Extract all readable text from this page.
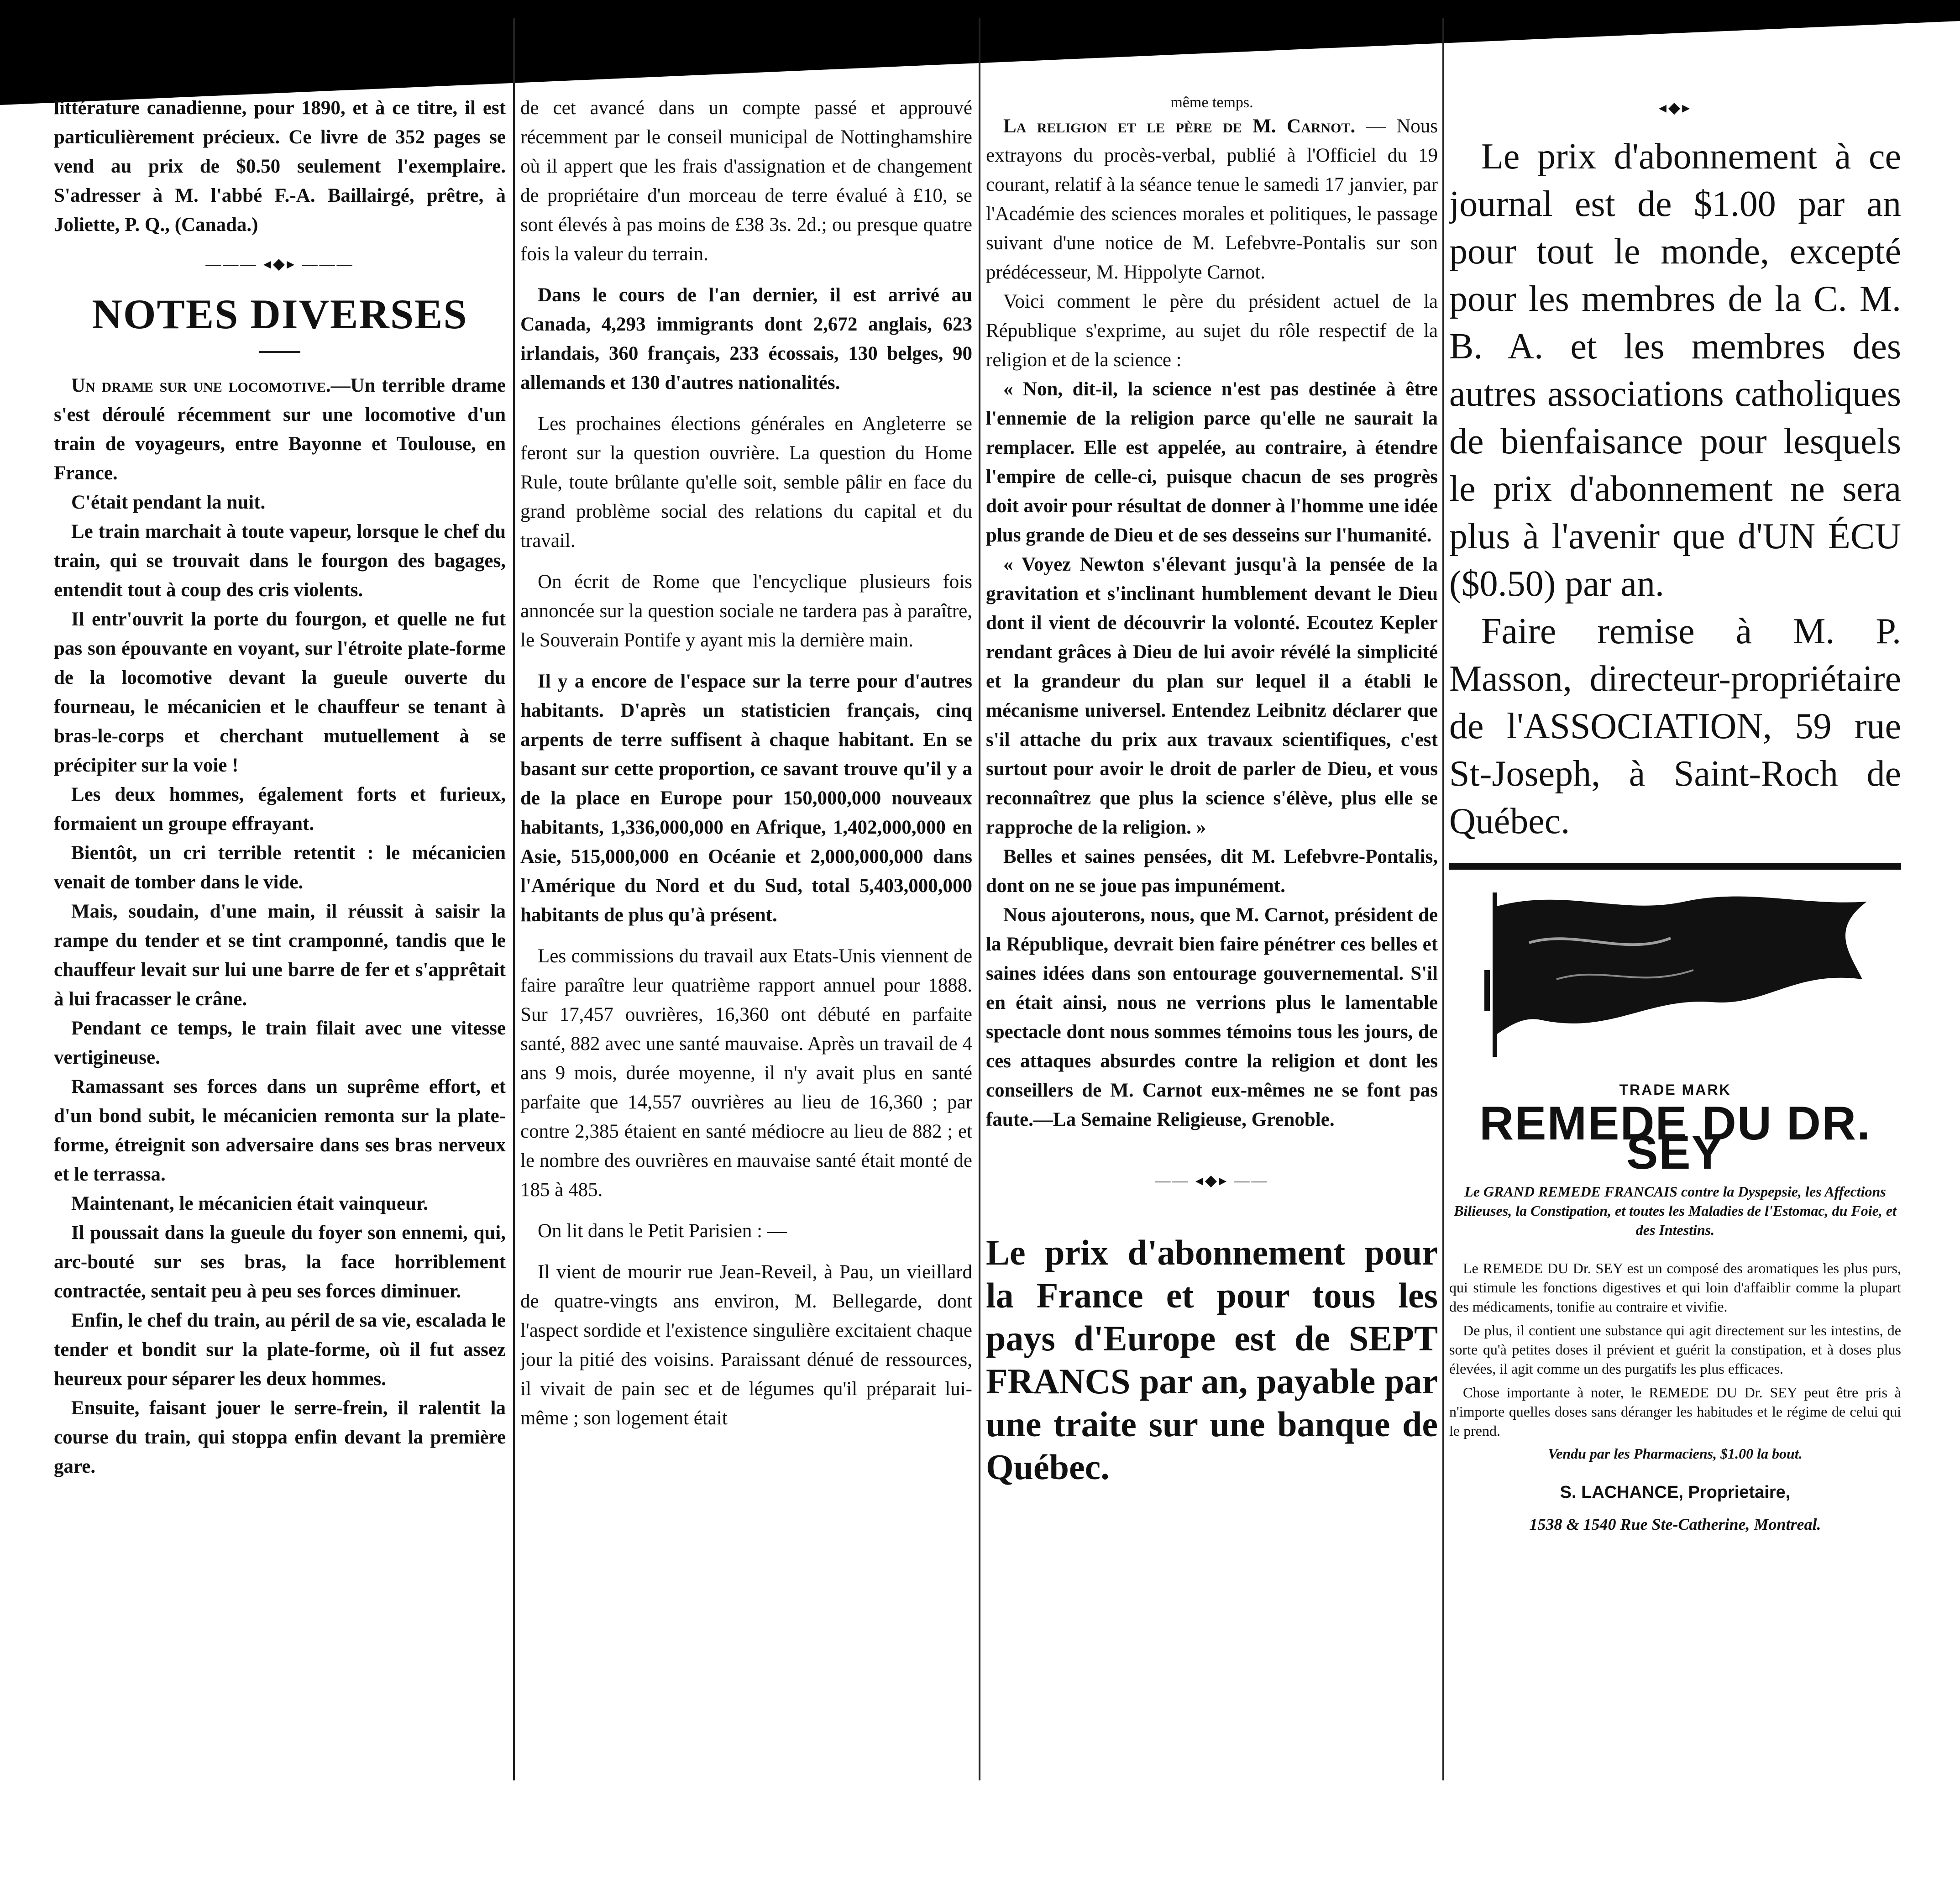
littérature canadienne, pour 1890, et à ce titre, il est particulièrement précieux. Ce livre de 352 pages se vend au prix de $0.50 seulement l'exemplaire. S'adresser à M. l'abbé F.-A. Baillairgé, prêtre, à Joliette, P. Q., (Canada.)

——— ◂◆▸ ———
NOTES DIVERSES

Un drame sur une locomotive.—Un terrible drame s'est déroulé récemment sur une locomotive d'un train de voyageurs, entre Bayonne et Toulouse, en France.

C'était pendant la nuit.

Le train marchait à toute vapeur, lorsque le chef du train, qui se trouvait dans le fourgon des bagages, entendit tout à coup des cris violents.

Il entr'ouvrit la porte du fourgon, et quelle ne fut pas son épouvante en voyant, sur l'étroite plate-forme de la locomotive devant la gueule ouverte du fourneau, le mécanicien et le chauffeur se tenant à bras-le-corps et cherchant mutuellement à se précipiter sur la voie !

Les deux hommes, également forts et furieux, formaient un groupe effrayant.

Bientôt, un cri terrible retentit : le mécanicien venait de tomber dans le vide.

Mais, soudain, d'une main, il réussit à saisir la rampe du tender et se tint cramponné, tandis que le chauffeur levait sur lui une barre de fer et s'apprêtait à lui fracasser le crâne.

Pendant ce temps, le train filait avec une vitesse vertigineuse.

Ramassant ses forces dans un suprême effort, et d'un bond subit, le mécanicien remonta sur la plate-forme, étreignit son adversaire dans ses bras nerveux et le terrassa.

Maintenant, le mécanicien était vainqueur.

Il poussait dans la gueule du foyer son ennemi, qui, arc-bouté sur ses bras, la face horriblement contractée, sentait peu à peu ses forces diminuer.

Enfin, le chef du train, au péril de sa vie, escalada le tender et bondit sur la plate-forme, où il fut assez heureux pour séparer les deux hommes.

Ensuite, faisant jouer le serre-frein, il ralentit la course du train, qui stoppa enfin devant la première gare.

de cet avancé dans un compte passé et approuvé récemment par le conseil municipal de Nottinghamshire où il appert que les frais d'assignation et de changement de propriétaire d'un morceau de terre évalué à £10, se sont élevés à pas moins de £38 3s. 2d.; ou presque quatre fois la valeur du terrain.

Dans le cours de l'an dernier, il est arrivé au Canada, 4,293 immigrants dont 2,672 anglais, 623 irlandais, 360 français, 233 écossais, 130 belges, 90 allemands et 130 d'autres nationalités.

Les prochaines élections générales en Angleterre se feront sur la question ouvrière. La question du Home Rule, toute brûlante qu'elle soit, semble pâlir en face du grand problème social des relations du capital et du travail.

On écrit de Rome que l'encyclique plusieurs fois annoncée sur la question sociale ne tardera pas à paraître, le Souverain Pontife y ayant mis la dernière main.

Il y a encore de l'espace sur la terre pour d'autres habitants. D'après un statisticien français, cinq arpents de terre suffisent à chaque habitant. En se basant sur cette proportion, ce savant trouve qu'il y a de la place en Europe pour 150,000,000 nouveaux habitants, 1,336,000,000 en Afrique, 1,402,000,000 en Asie, 515,000,000 en Océanie et 2,000,000,000 dans l'Amérique du Nord et du Sud, total 5,403,000,000 habitants de plus qu'à présent.

Les commissions du travail aux Etats-Unis viennent de faire paraître leur quatrième rapport annuel pour 1888. Sur 17,457 ouvrières, 16,360 ont débuté en parfaite santé, 882 avec une santé mauvaise. Après un travail de 4 ans 9 mois, durée moyenne, il n'y avait plus en santé parfaite que 14,557 ouvrières au lieu de 16,360 ; par contre 2,385 étaient en santé médiocre au lieu de 882 ; et le nombre des ouvrières en mauvaise santé était monté de 185 à 485.

On lit dans le Petit Parisien : —

Il vient de mourir rue Jean-Reveil, à Pau, un vieillard de quatre-vingts ans environ, M. Bellegarde, dont l'aspect sordide et l'existence singulière excitaient chaque jour la pitié des voisins. Paraissant dénué de ressources, il vivait de pain sec et de légumes qu'il préparait lui-même ; son logement était

même temps.

La religion et le père de M. Carnot. — Nous extrayons du procès-verbal, publié à l'Officiel du 19 courant, relatif à la séance tenue le samedi 17 janvier, par l'Académie des sciences morales et politiques, le passage suivant d'une notice de M. Lefebvre-Pontalis sur son prédécesseur, M. Hippolyte Carnot.

Voici comment le père du président actuel de la République s'exprime, au sujet du rôle respectif de la religion et de la science :

« Non, dit-il, la science n'est pas destinée à être l'ennemie de la religion parce qu'elle ne saurait la remplacer. Elle est appelée, au contraire, à étendre l'empire de celle-ci, puisque chacun de ses progrès doit avoir pour résultat de donner à l'homme une idée plus grande de Dieu et de ses desseins sur l'humanité.

« Voyez Newton s'élevant jusqu'à la pensée de la gravitation et s'inclinant humblement devant le Dieu dont il vient de découvrir la volonté. Ecoutez Kepler rendant grâces à Dieu de lui avoir révélé la simplicité et la grandeur du plan sur lequel il a établi le mécanisme universel. Entendez Leibnitz déclarer que s'il attache du prix aux travaux scientifiques, c'est surtout pour avoir le droit de parler de Dieu, et vous reconnaîtrez que plus la science s'élève, plus elle se rapproche de la religion. »

Belles et saines pensées, dit M. Lefebvre-Pontalis, dont on ne se joue pas impunément.

Nous ajouterons, nous, que M. Carnot, président de la République, devrait bien faire pénétrer ces belles et saines idées dans son entourage gouvernemental. S'il en était ainsi, nous ne verrions plus le lamentable spectacle dont nous sommes témoins tous les jours, de ces attaques absurdes contre la religion et dont les conseillers de M. Carnot eux-mêmes ne se font pas faute.—La Semaine Religieuse, Grenoble.

—— ◂◆▸ ——

Le prix d'abonnement pour la France et pour tous les pays d'Europe est de SEPT FRANCS par an, payable par une traite sur une banque de Québec.

◂◆▸

Le prix d'abonnement à ce journal est de $1.00 par an pour tout le monde, excepté pour les membres de la C. M. B. A. et les membres des autres associations catholiques de bienfaisance pour lesquels le prix d'abonnement ne sera plus à l'avenir que d'UN ÉCU ($0.50) par an.

Faire remise à M. P. Masson, directeur-propriétaire de l'ASSOCIATION, 59 rue St-Joseph, à Saint-Roch de Québec.

TRADE MARK
REMEDE DU DR. SEY

Le GRAND REMEDE FRANCAIS contre la Dyspepsie, les Affections Bilieuses, la Constipation, et toutes les Maladies de l'Estomac, du Foie, et des Intestins.

Le REMEDE DU Dr. SEY est un composé des aromatiques les plus purs, qui stimule les fonctions digestives et qui loin d'affaiblir comme la plupart des médicaments, tonifie au contraire et vivifie.

De plus, il contient une substance qui agit directement sur les intestins, de sorte qu'à petites doses il prévient et guérit la constipation, et à doses plus élevées, il agit comme un des purgatifs les plus efficaces.

Chose importante à noter, le REMEDE DU Dr. SEY peut être pris à n'importe quelles doses sans déranger les habitudes et le régime de celui qui le prend.

Vendu par les Pharmaciens, $1.00 la bout.

S. LACHANCE, Proprietaire,
1538 & 1540 Rue Ste-Catherine, Montreal.
